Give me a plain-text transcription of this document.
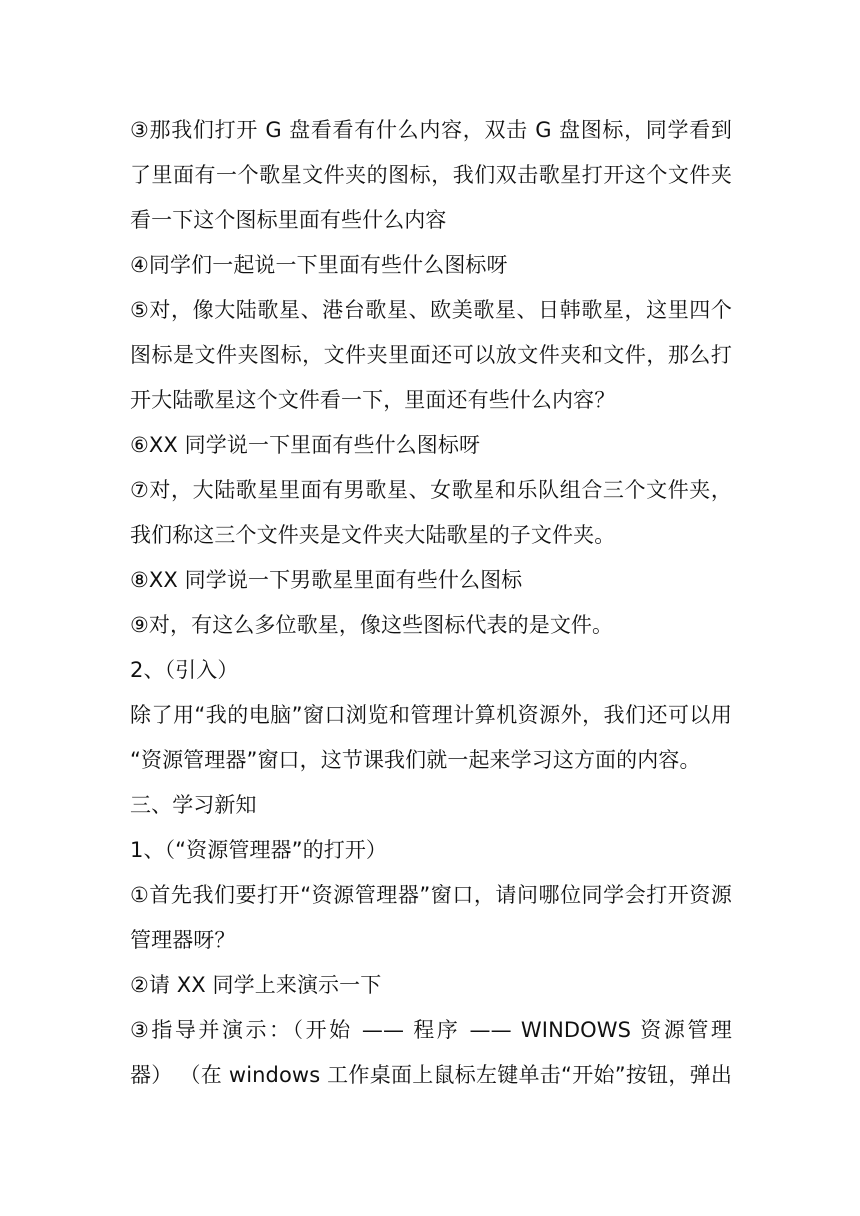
③那我们打开 G 盘看看有什么内容，双击 G 盘图标，同学看到
了里面有一个歌星文件夹的图标，我们双击歌星打开这个文件夹
看一下这个图标里面有些什么内容
④同学们一起说一下里面有些什么图标呀
⑤对，像大陆歌星、港台歌星、欧美歌星、日韩歌星，这里四个
图标是文件夹图标，文件夹里面还可以放文件夹和文件，那么打
开大陆歌星这个文件看一下，里面还有些什么内容？
⑥XX 同学说一下里面有些什么图标呀
⑦对，大陆歌星里面有男歌星、女歌星和乐队组合三个文件夹，
我们称这三个文件夹是文件夹大陆歌星的子文件夹。
⑧XX 同学说一下男歌星里面有些什么图标
⑨对，有这么多位歌星，像这些图标代表的是文件。
2、（引入）
除了用“我的电脑”窗口浏览和管理计算机资源外，我们还可以用
“资源管理器”窗口，这节课我们就一起来学习这方面的内容。
三、学习新知
1、（“资源管理器”的打开）
①首先我们要打开“资源管理器”窗口，请问哪位同学会打开资源
管理器呀？
②请 XX 同学上来演示一下
③指导并演示：（开始 —— 程序 —— WINDOWS 资源管理
器） （在 windows 工作桌面上鼠标左键单击“开始”按钮，弹出
